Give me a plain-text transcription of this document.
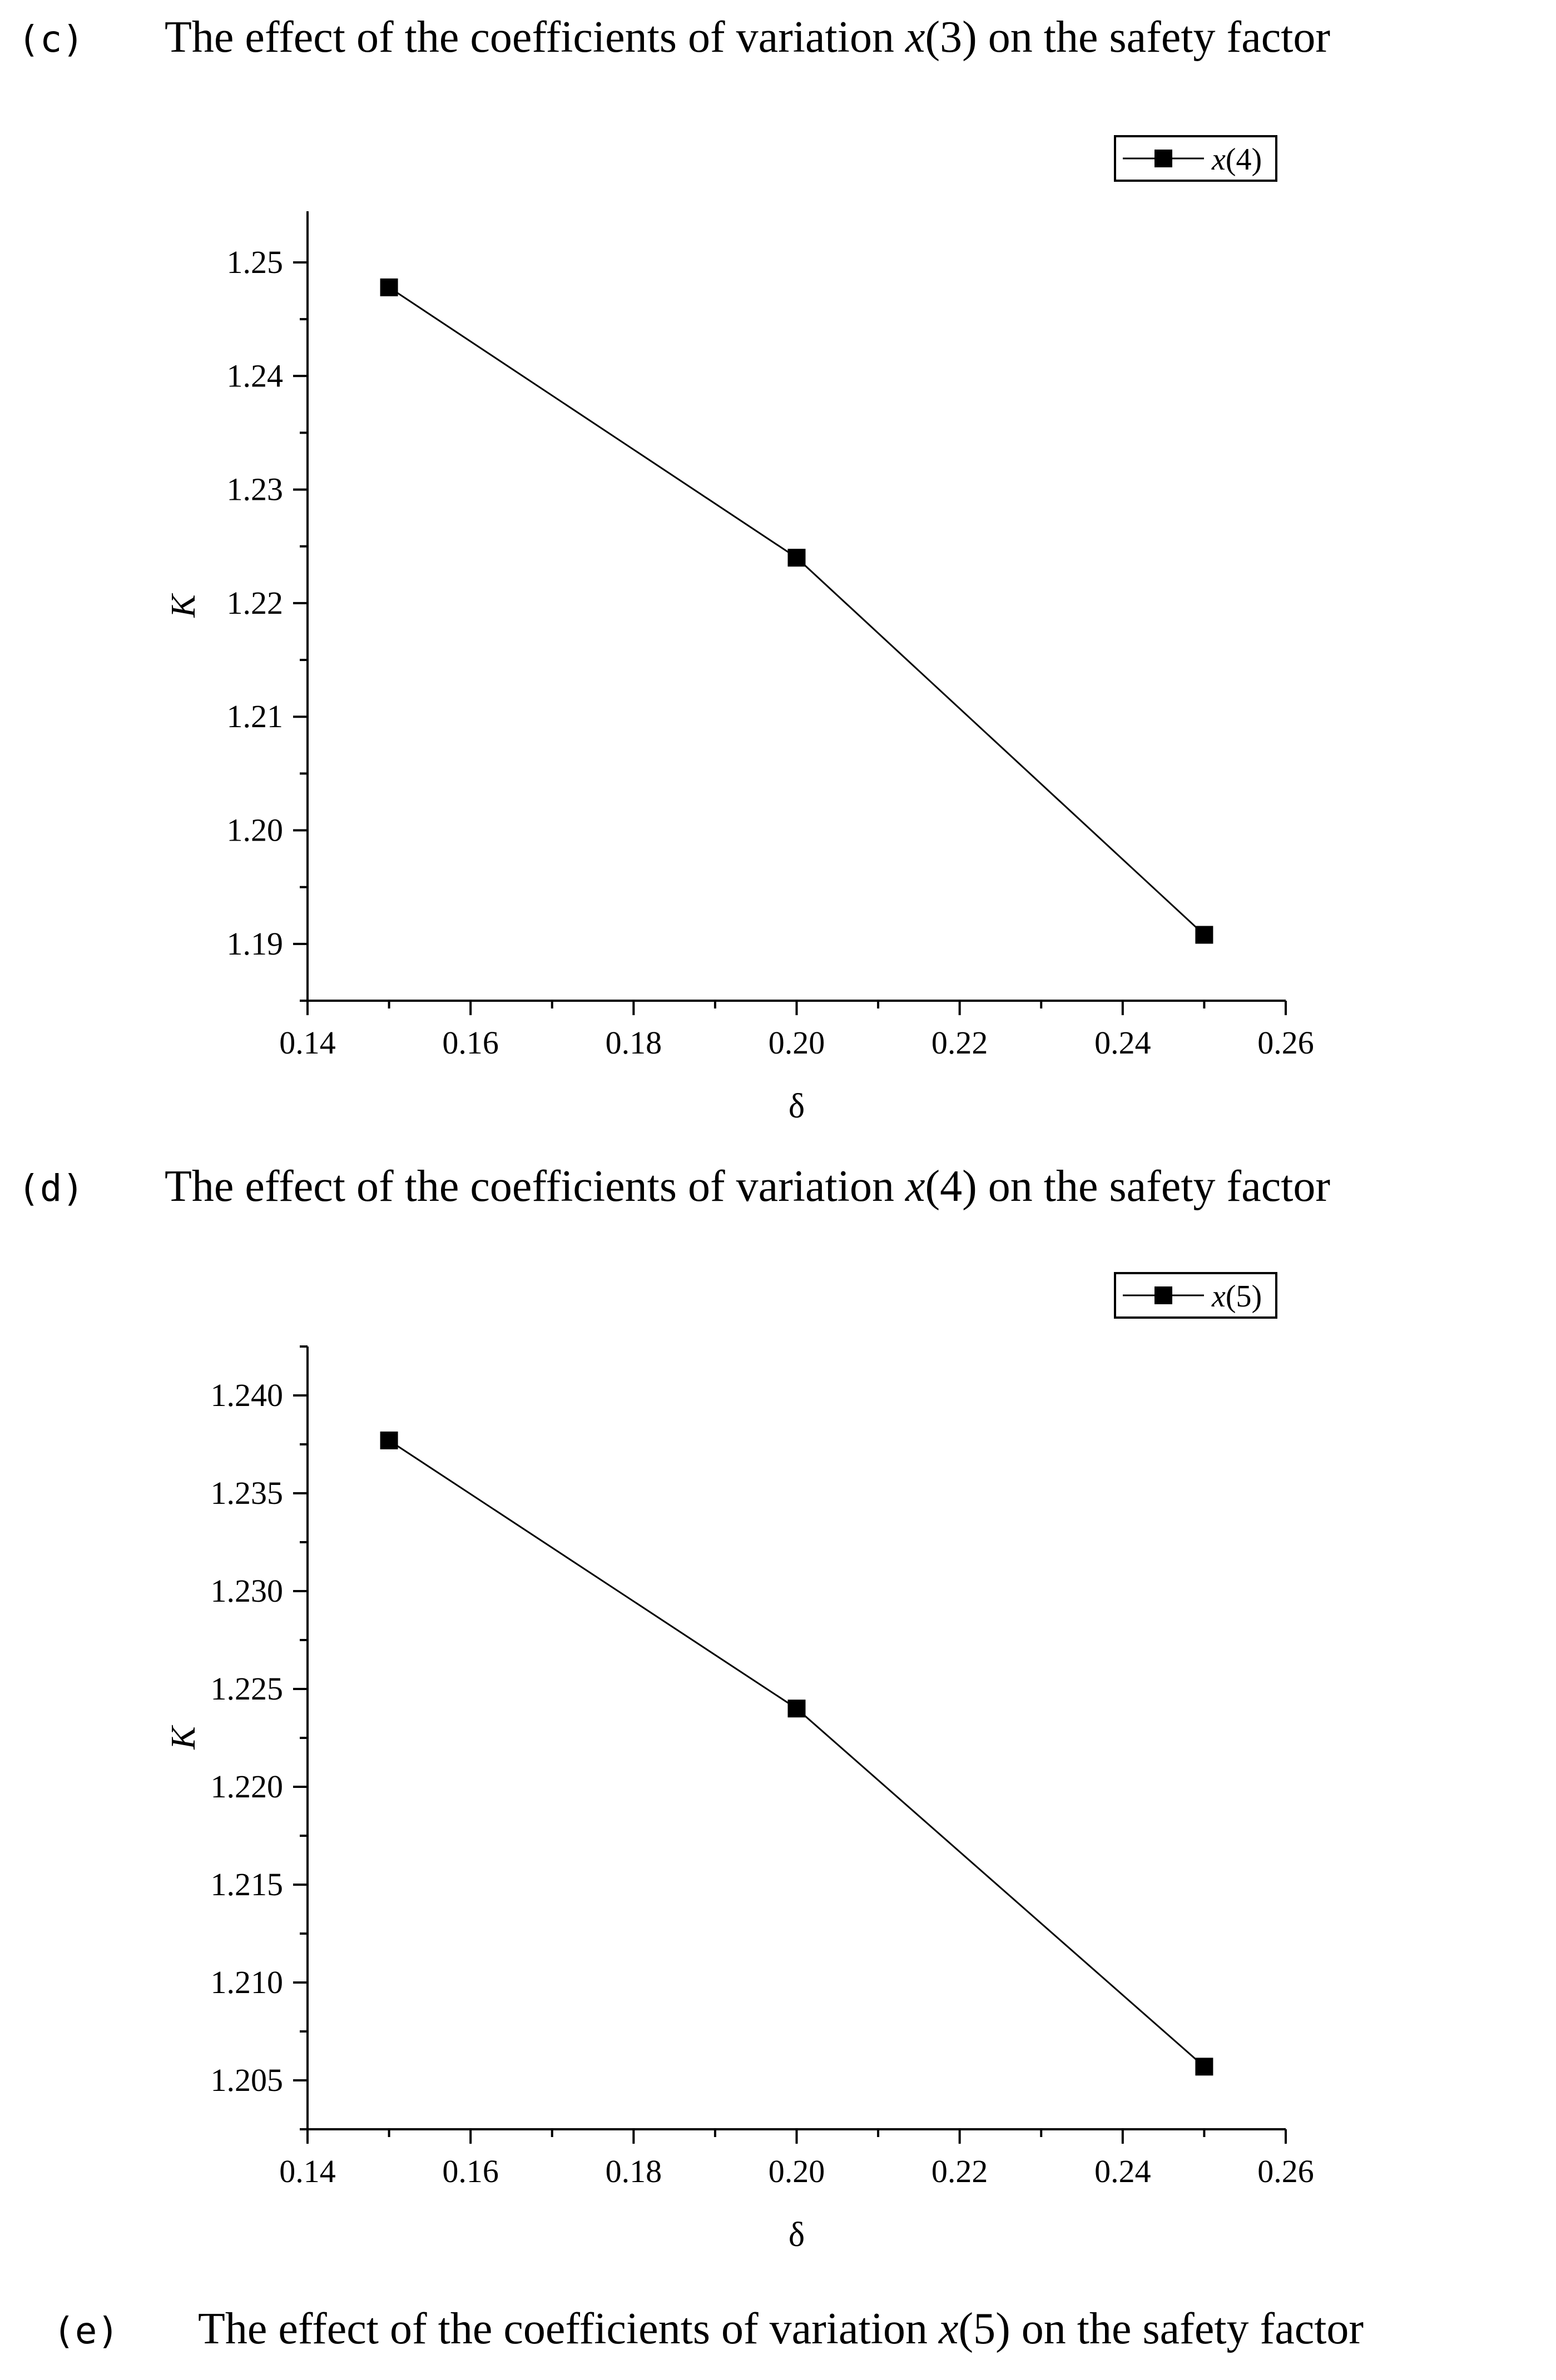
(c) The effect of the coefficients of variation x(3) on the safety factor
0.14	0.16	0.18	0.20	0.22	0.24	0.26
1.19
1.20
1.21
1.22
1.23
1.24
1.25
δ
K
x(4)
(d) The effect of the coefficients of variation x(4) on the safety factor
0.14	0.16	0.18	0.20	0.22	0.24	0.26
1.205
1.210
1.215
1.220
1.225
1.230
1.235
1.240
δ
K
x(5)
(e) The effect of the coefficients of variation x(5) on the safety factor
